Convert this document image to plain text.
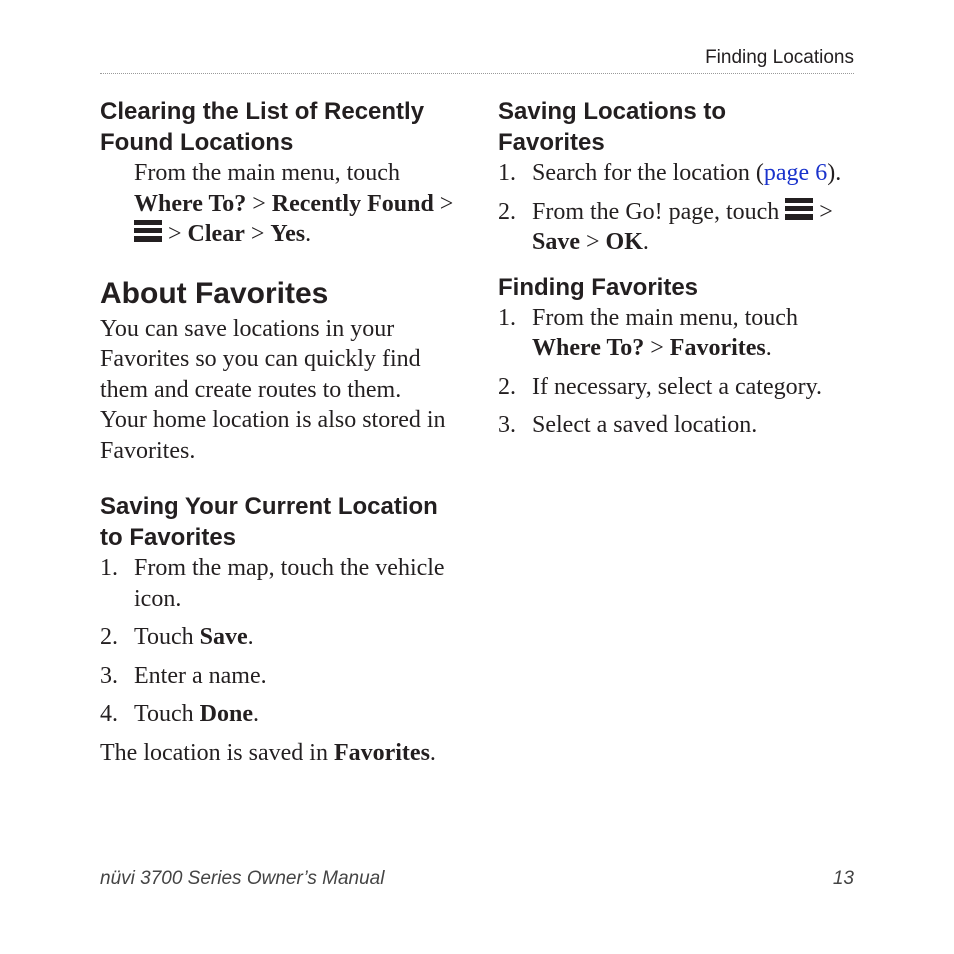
Finding Locations
Clearing the List of Recently Found Locations

From the main menu, touch
Where To? > Recently Found >
> Clear > Yes.

About Favorites

You can save locations in your Favorites so you can quickly find them and create routes to them. Your home location is also stored in Favorites.

Saving Your Current Location to Favorites
1. From the map, touch the vehicle icon.
2. Touch Save.
3. Enter a name.
4. Touch Done.

The location is saved in Favorites.

Saving Locations to Favorites
1. Search for the location (page 6).
2. From the Go! page, touch >
Save > OK.
Finding Favorites
1. From the main menu, touch
Where To? > Favorites.
2. If necessary, select a category.
3. Select a saved location.
nüvi 3700 Series Owner’s Manual	13
